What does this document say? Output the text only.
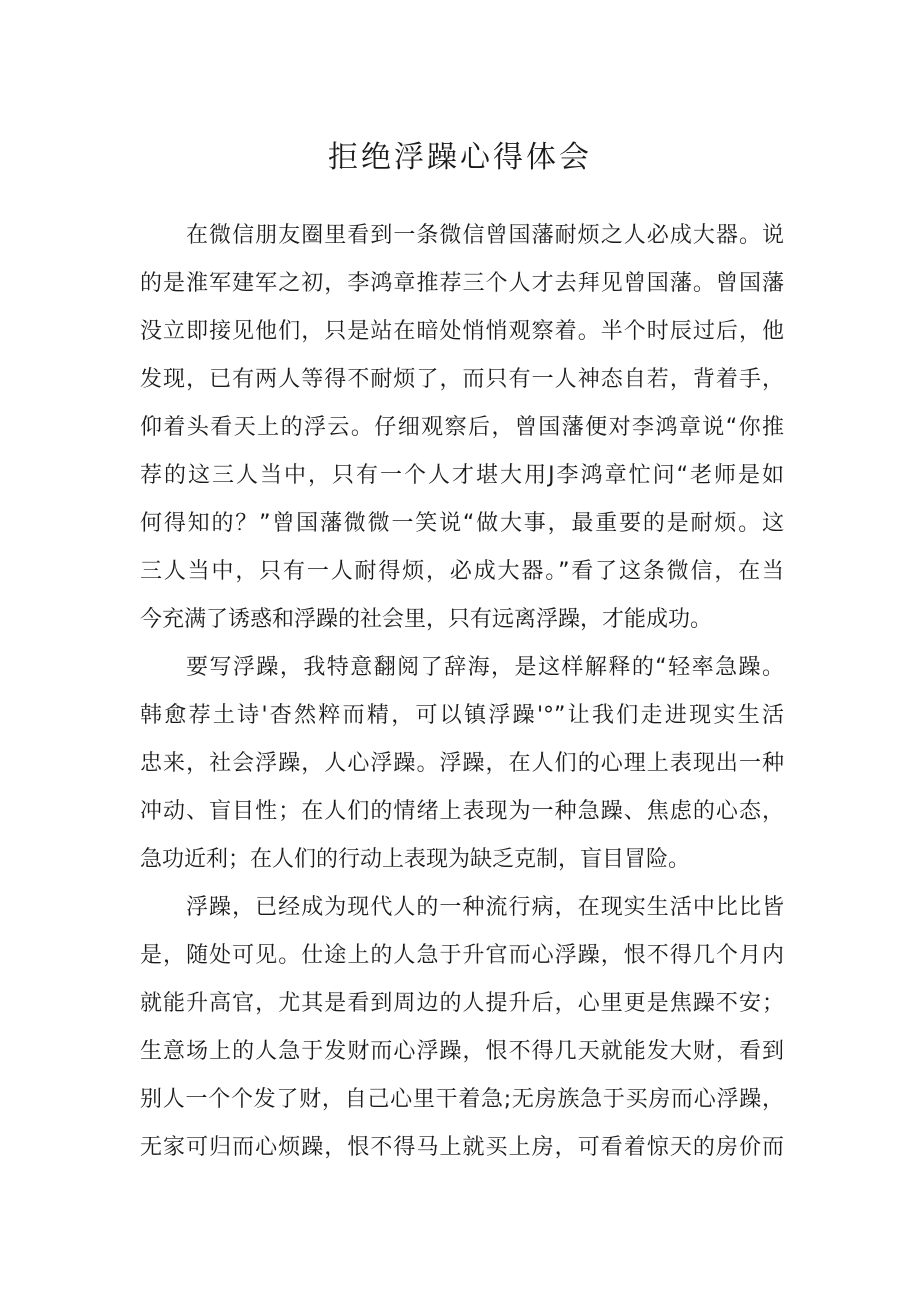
拒绝浮躁心得体会
在微信朋友圈里看到一条微信曾国藩耐烦之人必成大器。说
的是淮军建军之初，李鸿章推荐三个人才去拜见曾国藩。曾国藩
没立即接见他们，只是站在暗处悄悄观察着。半个时辰过后，他
发现，已有两人等得不耐烦了，而只有一人神态自若，背着手，
仰着头看天上的浮云。仔细观察后，曾国藩便对李鸿章说“你推
荐的这三人当中，只有一个人才堪大用J李鸿章忙问“老师是如
何得知的？”曾国藩微微一笑说“做大事，最重要的是耐烦。这
三人当中，只有一人耐得烦，必成大器。”看了这条微信，在当
今充满了诱惑和浮躁的社会里，只有远离浮躁，才能成功。
要写浮躁，我特意翻阅了辞海，是这样解释的“轻率急躁。
韩愈荐土诗'杳然粹而精，可以镇浮躁'°”让我们走进现实生活
忠来，社会浮躁，人心浮躁。浮躁，在人们的心理上表现出一种
冲动、盲目性；在人们的情绪上表现为一种急躁、焦虑的心态，
急功近利；在人们的行动上表现为缺乏克制，盲目冒险。
浮躁，已经成为现代人的一种流行病，在现实生活中比比皆
是，随处可见。仕途上的人急于升官而心浮躁，恨不得几个月内
就能升高官，尤其是看到周边的人提升后，心里更是焦躁不安；
生意场上的人急于发财而心浮躁，恨不得几天就能发大财，看到
别人一个个发了财，自己心里干着急;无房族急于买房而心浮躁，
无家可归而心烦躁，恨不得马上就买上房，可看着惊天的房价而
